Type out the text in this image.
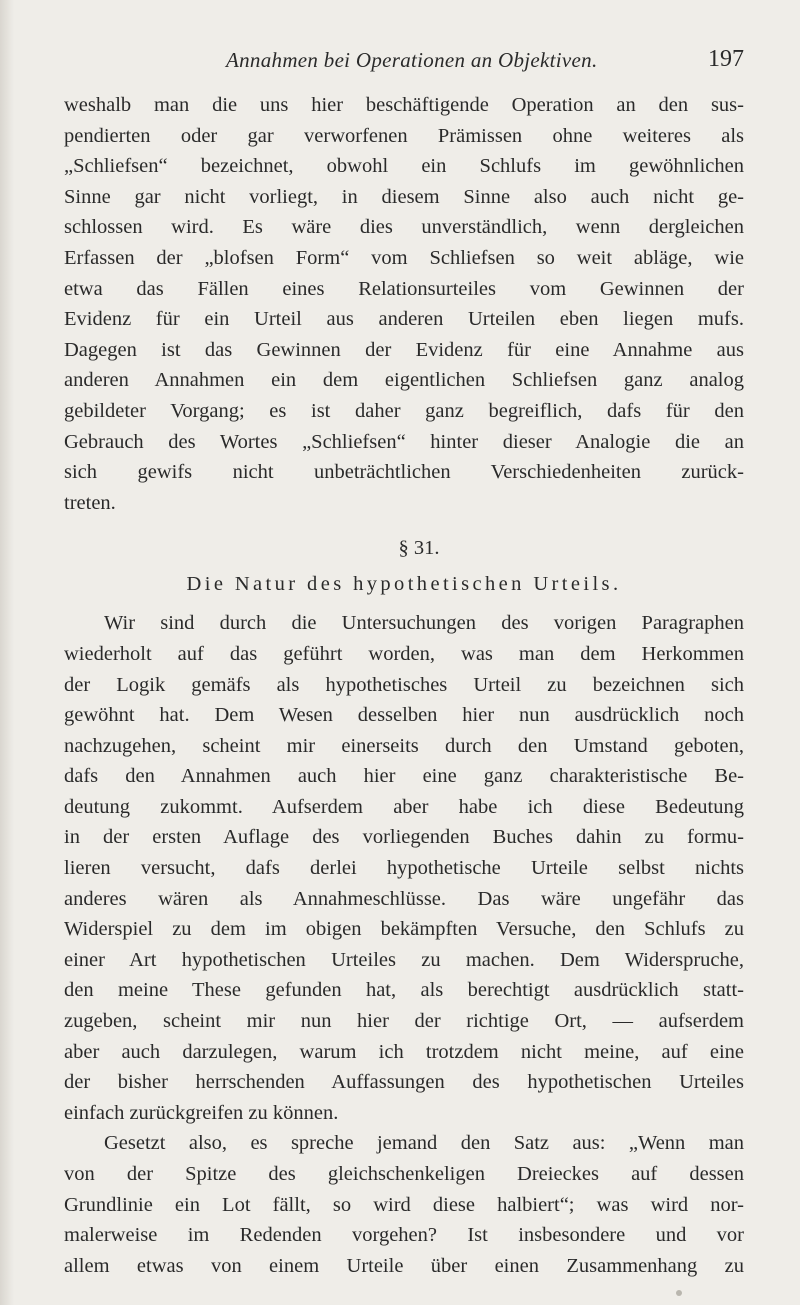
Annahmen bei Operationen an Objektiven.	197
weshalb man die uns hier beschäftigende Operation an den sus-
pendierten oder gar verworfenen Prämissen ohne weiteres als
„Schliefsen“ bezeichnet, obwohl ein Schlufs im gewöhnlichen
Sinne gar nicht vorliegt, in diesem Sinne also auch nicht ge-
schlossen wird. Es wäre dies unverständlich, wenn dergleichen
Erfassen der „blofsen Form“ vom Schliefsen so weit abläge, wie
etwa das Fällen eines Relationsurteiles vom Gewinnen der
Evidenz für ein Urteil aus anderen Urteilen eben liegen mufs.
Dagegen ist das Gewinnen der Evidenz für eine Annahme aus
anderen Annahmen ein dem eigentlichen Schliefsen ganz analog
gebildeter Vorgang; es ist daher ganz begreiflich, dafs für den
Gebrauch des Wortes „Schliefsen“ hinter dieser Analogie die an
sich gewifs nicht unbeträchtlichen Verschiedenheiten zurück-
treten.
§ 31.
Die Natur des hypothetischen Urteils.
Wir sind durch die Untersuchungen des vorigen Paragraphen
wiederholt auf das geführt worden, was man dem Herkommen
der Logik gemäfs als hypothetisches Urteil zu bezeichnen sich
gewöhnt hat. Dem Wesen desselben hier nun ausdrücklich noch
nachzugehen, scheint mir einerseits durch den Umstand geboten,
dafs den Annahmen auch hier eine ganz charakteristische Be-
deutung zukommt. Aufserdem aber habe ich diese Bedeutung
in der ersten Auflage des vorliegenden Buches dahin zu formu-
lieren versucht, dafs derlei hypothetische Urteile selbst nichts
anderes wären als Annahmeschlüsse. Das wäre ungefähr das
Widerspiel zu dem im obigen bekämpften Versuche, den Schlufs zu
einer Art hypothetischen Urteiles zu machen. Dem Widerspruche,
den meine These gefunden hat, als berechtigt ausdrücklich statt-
zugeben, scheint mir nun hier der richtige Ort, — aufserdem
aber auch darzulegen, warum ich trotzdem nicht meine, auf eine
der bisher herrschenden Auffassungen des hypothetischen Urteiles
einfach zurückgreifen zu können.
Gesetzt also, es spreche jemand den Satz aus: „Wenn man
von der Spitze des gleichschenkeligen Dreieckes auf dessen
Grundlinie ein Lot fällt, so wird diese halbiert“; was wird nor-
malerweise im Redenden vorgehen? Ist insbesondere und vor
allem etwas von einem Urteile über einen Zusammenhang zu
